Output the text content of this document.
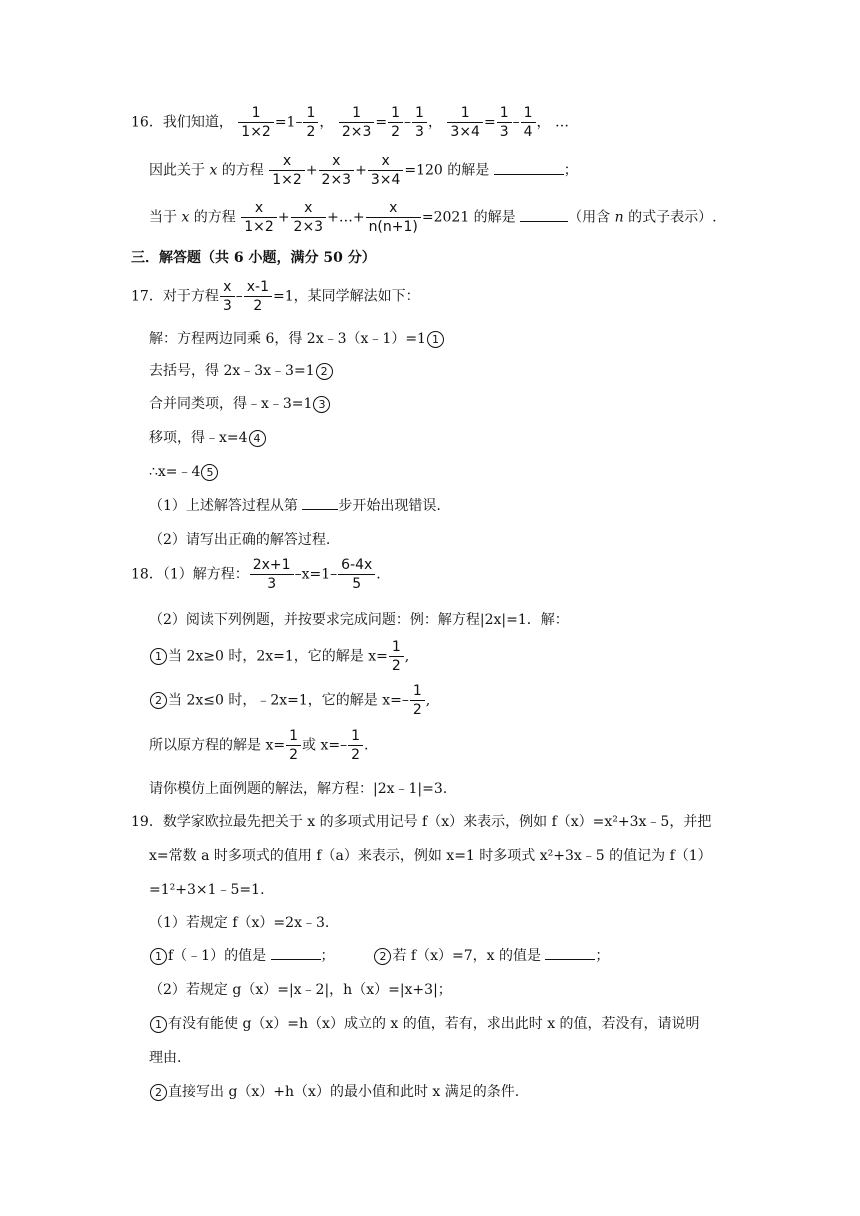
16．我们知道， $\frac{1}{1\times 2} =1- \frac{1}{2}$ ， $\frac{1}{2\times 3} = \frac{1}{2} - \frac{1}{3}$ ， $\frac{1}{3\times 4} = \frac{1}{3} - \frac{1}{4}$ ， …
因此关于 x 的方程 $\frac{x}{1\times 2} + \frac{x}{2\times 3} + \frac{x}{3\times 4} =120$ 的解是	；
当于 x 的方程 $\frac{x}{1\times 2} + \frac{x}{2\times 3}$ +…+ $\frac{x}{n(n+1)} =2021$ 的解是	（用含 n 的式子表示）.
三．解答题（共 6 小题，满分 50 分）
17．对于方程 $\frac{x}{3} - \frac{x-1}{2} =1$，某同学解法如下：
解：方程两边同乘 6，得 2x﹣3（x﹣1）=1 1
去括号，得 2x﹣3x﹣3=1 2
合并同类项，得﹣x﹣3=1 3
移项，得﹣x=4 4
∴x=﹣4 5
（1）上述解答过程从第	步开始出现错误.
（2）请写出正确的解答过程.
18．（1）解方程： $\frac{2x+1}{3} -x=1- \frac{6-4x}{5}$ .
（2）阅读下列例题，并按要求完成问题：例：解方程|2x|=1．解：
1 当 2x≥0 时，2x=1，它的解是 $x= \frac{1}{2}$ ,
2 当 2x≤0 时，﹣2x=1，它的解是 $x=- \frac{1}{2}$ ,
所以原方程的解是 $x= \frac{1}{2}$ 或 $x=- \frac{1}{2}$ .
请你模仿上面例题的解法，解方程：|2x﹣1|=3.
19．数学家欧拉最先把关于 x 的多项式用记号 f（x）来表示，例如 f（x）=x²+3x﹣5，并把
x=常数 a 时多项式的值用 f（a）来表示，例如 x=1 时多项式 x²+3x﹣5 的值记为 f（1）
=1²+3×1﹣5=1.
（1）若规定 f（x）=2x﹣3.
1 f（﹣1）的值是	；	2 若 f（x）=7，x 的值是	；
（2）若规定 g（x）=|x﹣2|，h（x）=|x+3|；
1 有没有能使 g（x）=h（x）成立的 x 的值，若有，求出此时 x 的值，若没有，请说明
理由.
2 直接写出 g（x）+h（x）的最小值和此时 x 满足的条件.
